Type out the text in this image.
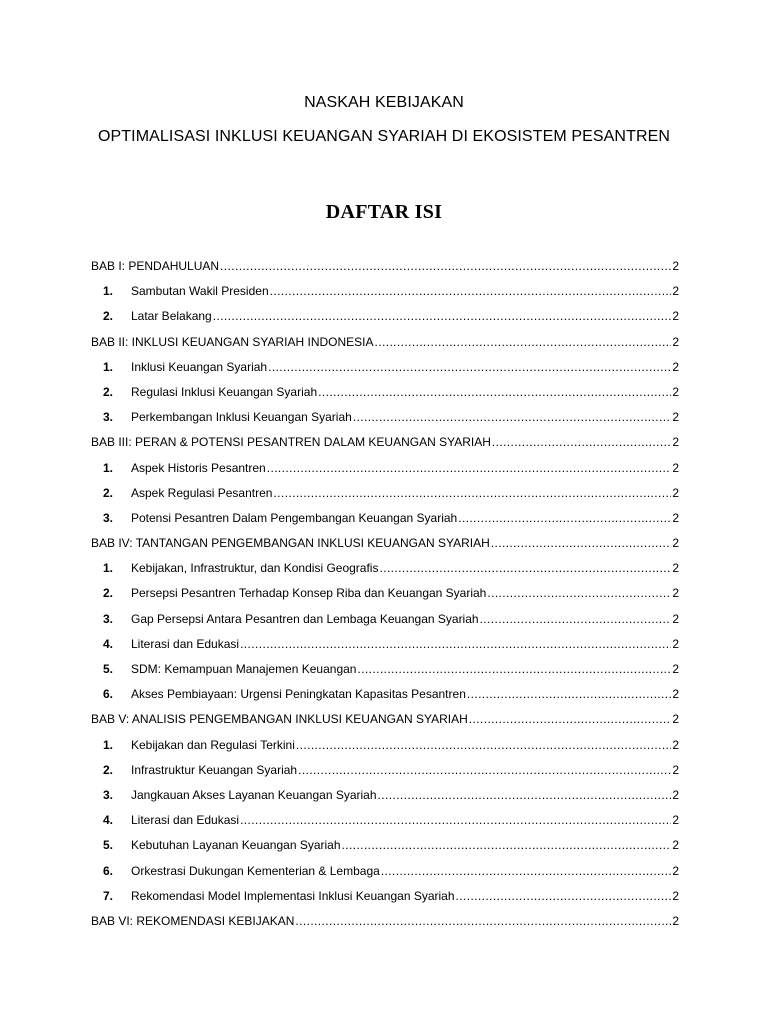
NASKAH KEBIJAKAN
OPTIMALISASI INKLUSI KEUANGAN SYARIAH DI EKOSISTEM PESANTREN
DAFTAR ISI
BAB I: PENDAHULUAN .....	2
1.	Sambutan Wakil Presiden .....	2
2.	Latar Belakang .....	2
BAB II: INKLUSI KEUANGAN SYARIAH INDONESIA .....	2
1.	Inklusi Keuangan Syariah .....	2
2.	Regulasi Inklusi Keuangan Syariah .....	2
3.	Perkembangan Inklusi Keuangan Syariah .....	2
BAB III: PERAN & POTENSI PESANTREN DALAM KEUANGAN SYARIAH .....	2
1.	Aspek Historis Pesantren .....	2
2.	Aspek Regulasi Pesantren .....	2
3.	Potensi Pesantren Dalam Pengembangan Keuangan Syariah .....	2
BAB IV: TANTANGAN PENGEMBANGAN INKLUSI KEUANGAN SYARIAH .....	2
1.	Kebijakan, Infrastruktur, dan Kondisi Geografis .....	2
2.	Persepsi Pesantren Terhadap Konsep Riba dan Keuangan Syariah .....	2
3.	Gap Persepsi Antara Pesantren dan Lembaga Keuangan Syariah .....	2
4.	Literasi dan Edukasi .....	2
5.	SDM: Kemampuan Manajemen Keuangan .....	2
6.	Akses Pembiayaan: Urgensi Peningkatan Kapasitas Pesantren .....	2
BAB V: ANALISIS PENGEMBANGAN INKLUSI KEUANGAN SYARIAH .....	2
1.	Kebijakan dan Regulasi Terkini .....	2
2.	Infrastruktur Keuangan Syariah .....	2
3.	Jangkauan Akses Layanan Keuangan Syariah .....	2
4.	Literasi dan Edukasi .....	2
5.	Kebutuhan Layanan Keuangan Syariah .....	2
6.	Orkestrasi Dukungan Kementerian & Lembaga .....	2
7.	Rekomendasi Model Implementasi Inklusi Keuangan Syariah .....	2
BAB VI: REKOMENDASI KEBIJAKAN .....	2
